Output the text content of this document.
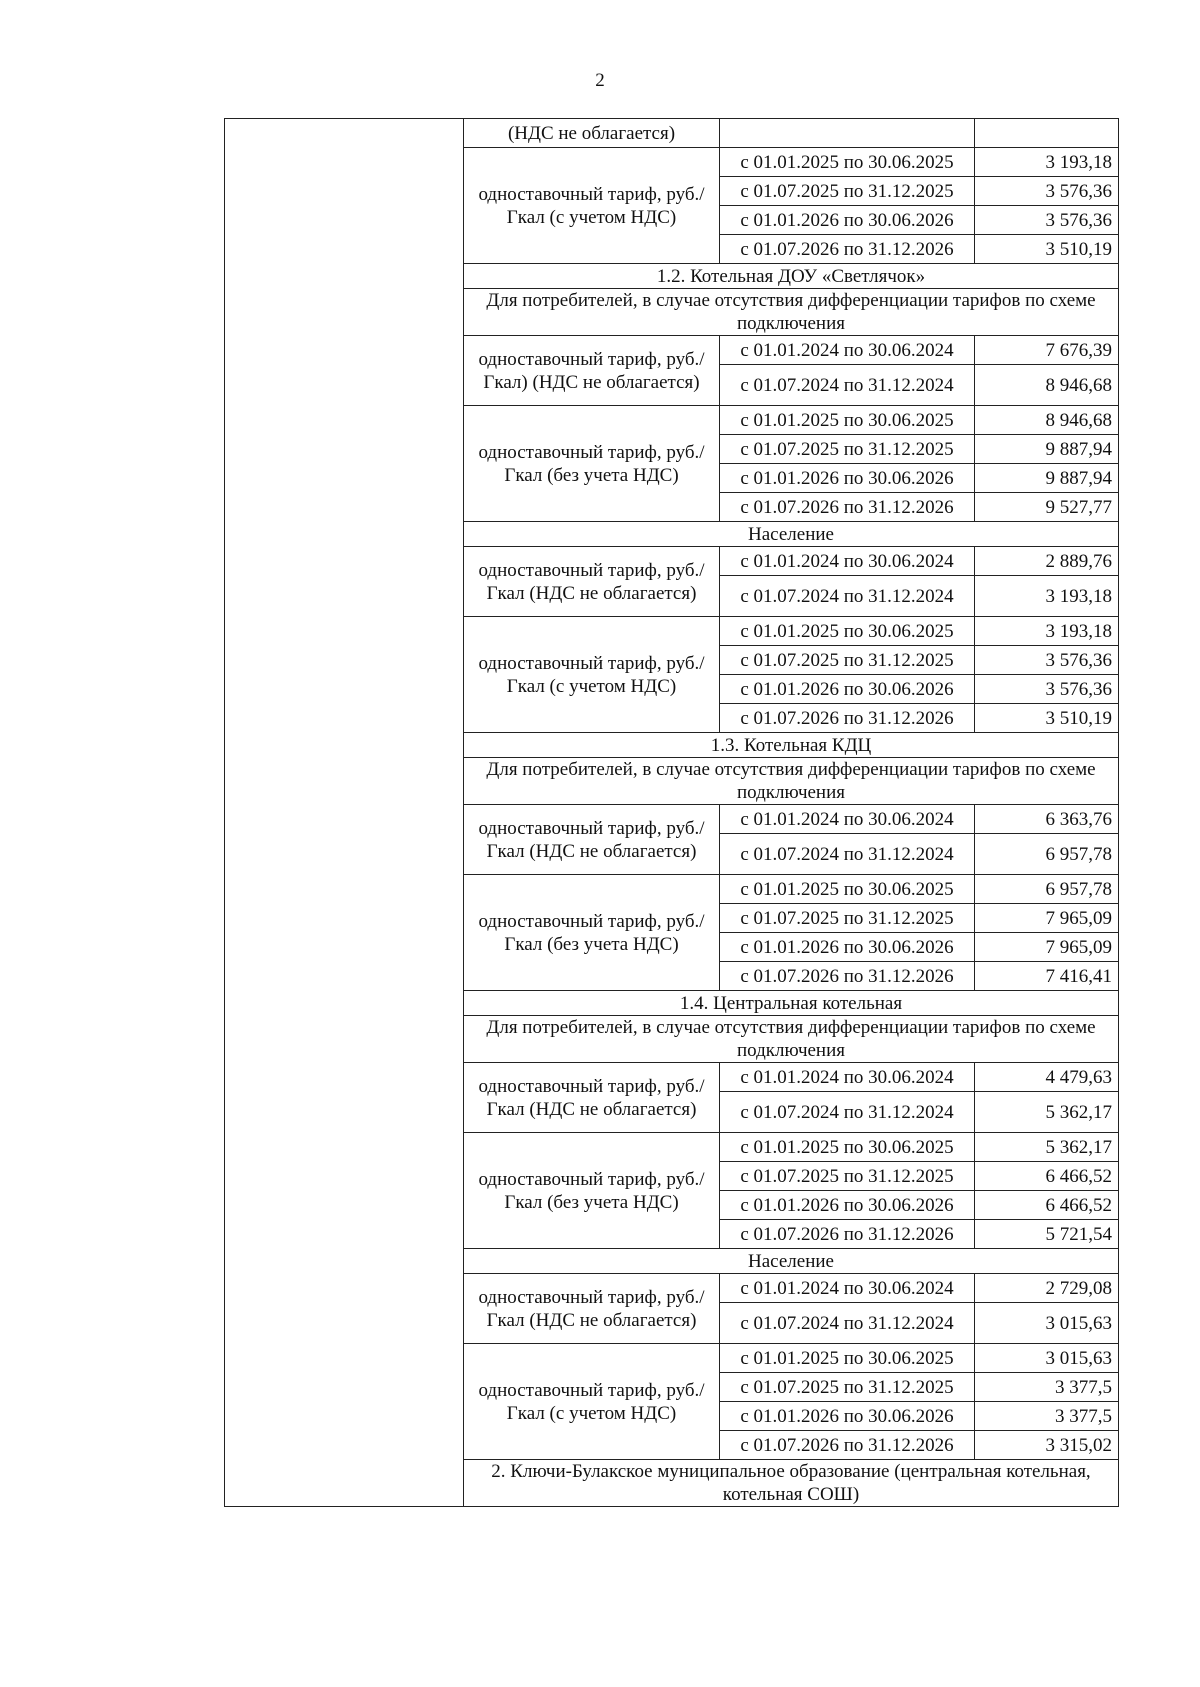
2
	(НДС не облагается)		
	одноставочный тариф, руб./Гкал (с учетом НДС)	с 01.01.2025 по 30.06.2025	3 193,18
		с 01.07.2025 по 31.12.2025	3 576,36
		с 01.01.2026 по 30.06.2026	3 576,36
		с 01.07.2026 по 31.12.2026	3 510,19
	1.2. Котельная ДОУ «Светлячок»		
	Для потребителей, в случае отсутствия дифференциации тарифов по схеме подключения		
	одноставочный тариф, руб./Гкал) (НДС не облагается)	с 01.01.2024 по 30.06.2024	7 676,39
		с 01.07.2024 по 31.12.2024	8 946,68
	одноставочный тариф, руб./Гкал (без учета НДС)	с 01.01.2025 по 30.06.2025	8 946,68
		с 01.07.2025 по 31.12.2025	9 887,94
		с 01.01.2026 по 30.06.2026	9 887,94
		с 01.07.2026 по 31.12.2026	9 527,77
	Население		
	одноставочный тариф, руб./Гкал (НДС не облагается)	с 01.01.2024 по 30.06.2024	2 889,76
		с 01.07.2024 по 31.12.2024	3 193,18
	одноставочный тариф, руб./Гкал (с учетом НДС)	с 01.01.2025 по 30.06.2025	3 193,18
		с 01.07.2025 по 31.12.2025	3 576,36
		с 01.01.2026 по 30.06.2026	3 576,36
		с 01.07.2026 по 31.12.2026	3 510,19
	1.3. Котельная КДЦ		
	Для потребителей, в случае отсутствия дифференциации тарифов по схеме подключения		
	одноставочный тариф, руб./Гкал (НДС не облагается)	с 01.01.2024 по 30.06.2024	6 363,76
		с 01.07.2024 по 31.12.2024	6 957,78
	одноставочный тариф, руб./Гкал (без учета НДС)	с 01.01.2025 по 30.06.2025	6 957,78
		с 01.07.2025 по 31.12.2025	7 965,09
		с 01.01.2026 по 30.06.2026	7 965,09
		с 01.07.2026 по 31.12.2026	7 416,41
	1.4. Центральная котельная		
	Для потребителей, в случае отсутствия дифференциации тарифов по схеме подключения		
	одноставочный тариф, руб./Гкал (НДС не облагается)	с 01.01.2024 по 30.06.2024	4 479,63
		с 01.07.2024 по 31.12.2024	5 362,17
	одноставочный тариф, руб./Гкал (без учета НДС)	с 01.01.2025 по 30.06.2025	5 362,17
		с 01.07.2025 по 31.12.2025	6 466,52
		с 01.01.2026 по 30.06.2026	6 466,52
		с 01.07.2026 по 31.12.2026	5 721,54
	Население		
	одноставочный тариф, руб./Гкал (НДС не облагается)	с 01.01.2024 по 30.06.2024	2 729,08
		с 01.07.2024 по 31.12.2024	3 015,63
	одноставочный тариф, руб./Гкал (с учетом НДС)	с 01.01.2025 по 30.06.2025	3 015,63
		с 01.07.2025 по 31.12.2025	3 377,5
		с 01.01.2026 по 30.06.2026	3 377,5
		с 01.07.2026 по 31.12.2026	3 315,02
	2. Ключи-Булакское муниципальное образование (центральная котельная, котельная СОШ)		
